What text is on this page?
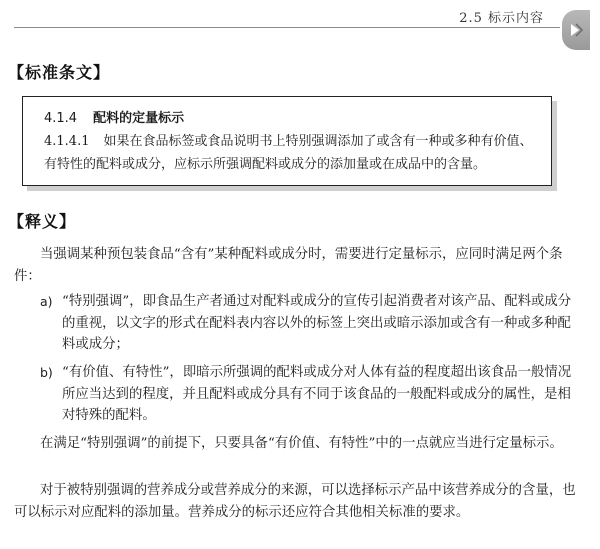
2.5 标示内容
【标准条文】
4.1.4 配料的定量标示
4.1.4.1 如果在食品标签或食品说明书上特别强调添加了或含有一种或多种有价值、有特性的配料或成分，应标示所强调配料或成分的添加量或在成品中的含量。
【释义】
当强调某种预包装食品“含有”某种配料或成分时，需要进行定量标示，应同时满足两个条件：
a) “特别强调”，即食品生产者通过对配料或成分的宣传引起消费者对该产品、配料或成分的重视，以文字的形式在配料表内容以外的标签上突出或暗示添加或含有一种或多种配料或成分；
b) “有价值、有特性”，即暗示所强调的配料或成分对人体有益的程度超出该食品一般情况所应当达到的程度，并且配料或成分具有不同于该食品的一般配料或成分的属性，是相对特殊的配料。
在满足“特别强调”的前提下，只要具备“有价值、有特性”中的一点就应当进行定量标示。
对于被特别强调的营养成分或营养成分的来源，可以选择标示产品中该营养成分的含量，也可以标示对应配料的添加量。营养成分的标示还应符合其他相关标准的要求。
